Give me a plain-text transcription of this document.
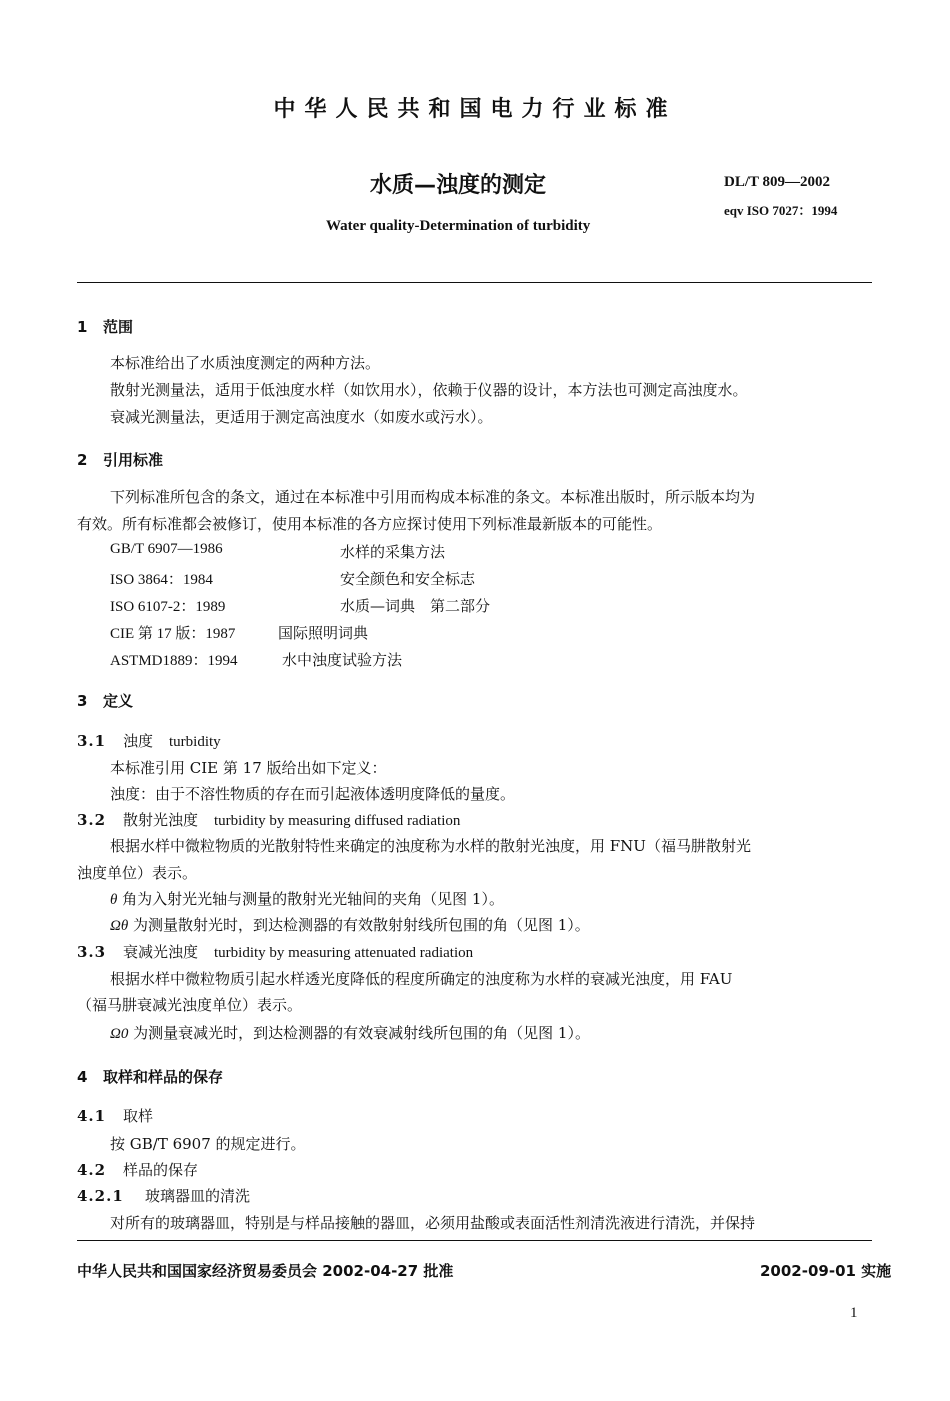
中华人民共和国电力行业标准
水质—浊度的测定	DL/T 809—2002
eqv ISO 7027：1994
Water quality-Determination of turbidity
1 范围
本标准给出了水质浊度测定的两种方法。
散射光测量法，适用于低浊度水样（如饮用水），依赖于仪器的设计，本方法也可测定高浊度水。
衰减光测量法，更适用于测定高浊度水（如废水或污水）。
2 引用标准
下列标准所包含的条文，通过在本标准中引用而构成本标准的条文。本标准出版时，所示版本均为
有效。所有标准都会被修订，使用本标准的各方应探讨使用下列标准最新版本的可能性。
GB/T 6907—1986	水样的采集方法
ISO 3864：1984	安全颜色和安全标志
ISO 6107-2：1989	水质—词典　第二部分
CIE 第 17 版：1987	国际照明词典
ASTMD1889：1994	水中浊度试验方法
3 定义
3.1 浊度 turbidity
本标准引用 CIE 第 17 版给出如下定义：
浊度：由于不溶性物质的存在而引起液体透明度降低的量度。
3.2 散射光浊度 turbidity by measuring diffused radiation
根据水样中微粒物质的光散射特性来确定的浊度称为水样的散射光浊度，用 FNU（福马肼散射光
浊度单位）表示。
θ 角为入射光光轴与测量的散射光光轴间的夹角（见图 1）。
Ωθ 为测量散射光时，到达检测器的有效散射射线所包围的角（见图 1）。
3.3 衰减光浊度 turbidity by measuring attenuated radiation
根据水样中微粒物质引起水样透光度降低的程度所确定的浊度称为水样的衰减光浊度，用 FAU
（福马肼衰减光浊度单位）表示。
Ω0 为测量衰减光时，到达检测器的有效衰减射线所包围的角（见图 1）。
4 取样和样品的保存
4.1 取样
按 GB/T 6907 的规定进行。
4.2 样品的保存
4.2.1 玻璃器皿的清洗
对所有的玻璃器皿，特别是与样品接触的器皿，必须用盐酸或表面活性剂清洗液进行清洗，并保持
中华人民共和国国家经济贸易委员会 2002-04-27 批准	2002-09-01 实施
1
